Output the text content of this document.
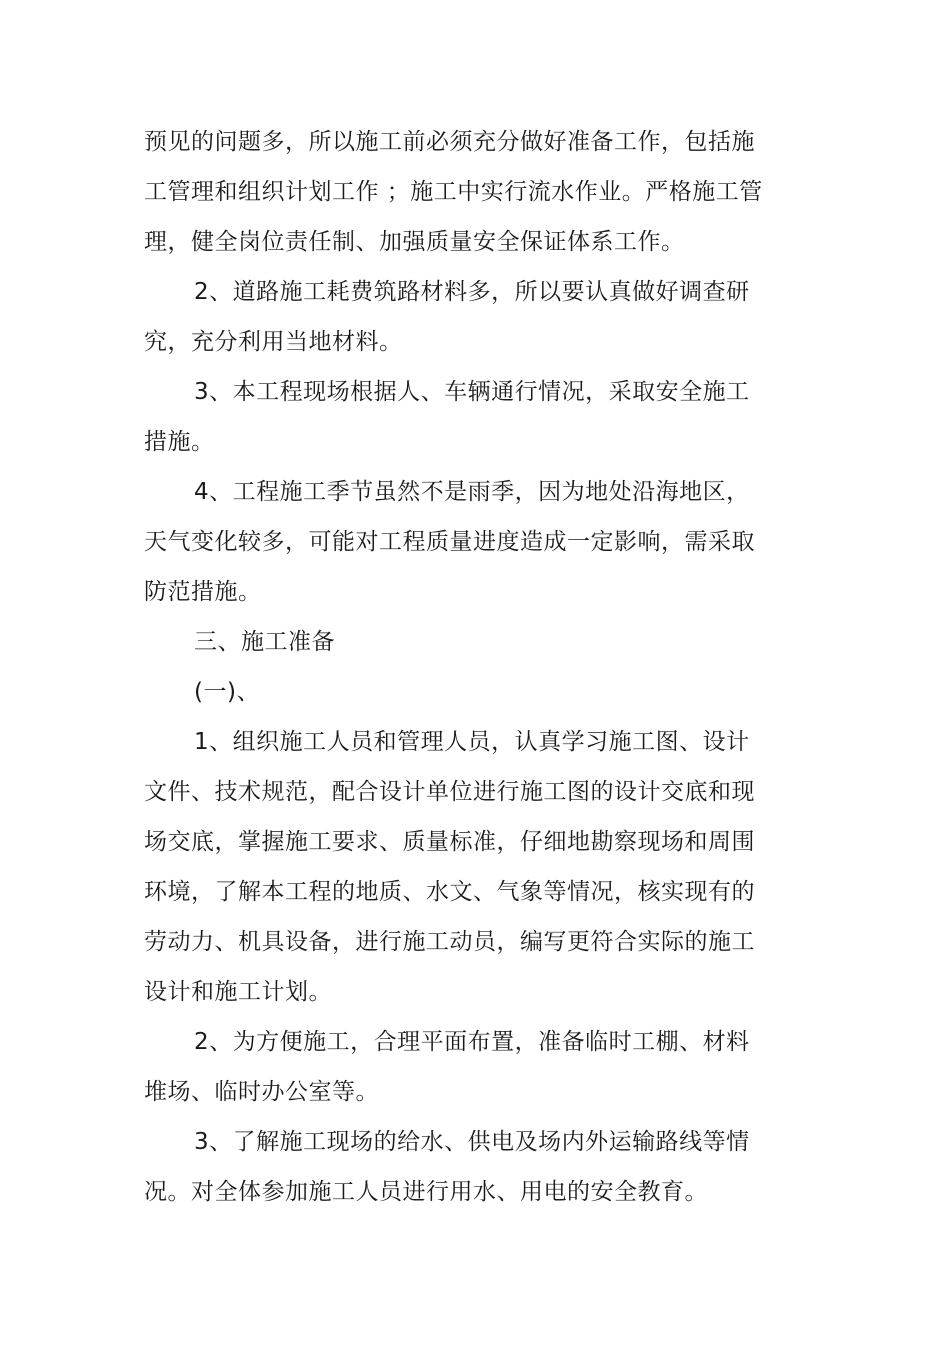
预见的问题多，所以施工前必须充分做好准备工作，包括施
工管理和组织计划工作 ；施工中实行流水作业。严格施工管
理，健全岗位责任制、加强质量安全保证体系工作。
2、道路施工耗费筑路材料多，所以要认真做好调查研
究，充分利用当地材料。
3、本工程现场根据人、车辆通行情况，采取安全施工
措施。
4、工程施工季节虽然不是雨季，因为地处沿海地区，
天气变化较多，可能对工程质量进度造成一定影响，需采取
防范措施。
三、施工准备
(一)、
1、组织施工人员和管理人员，认真学习施工图、设计
文件、技术规范，配合设计单位进行施工图的设计交底和现
场交底，掌握施工要求、质量标准，仔细地勘察现场和周围
环境，了解本工程的地质、水文、气象等情况，核实现有的
劳动力、机具设备，进行施工动员，编写更符合实际的施工
设计和施工计划。
2、为方便施工，合理平面布置，准备临时工棚、材料
堆场、临时办公室等。
3、了解施工现场的给水、供电及场内外运输路线等情
况。对全体参加施工人员进行用水、用电的安全教育。
